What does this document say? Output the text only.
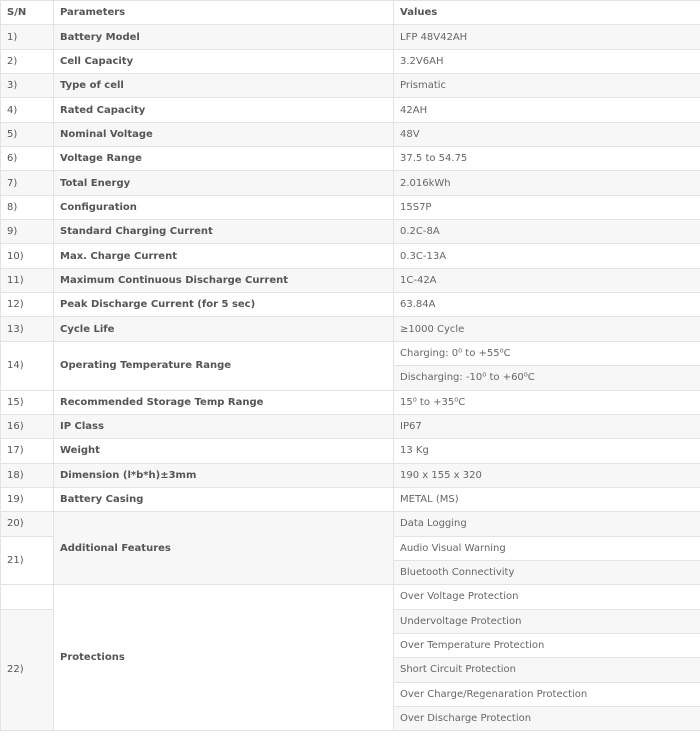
S/N	Parameters	Values
1)	Battery Model	LFP 48V42AH
2)	Cell Capacity	3.2V6AH
3)	Type of cell	Prismatic
4)	Rated Capacity	42AH
5)	Nominal Voltage	48V
6)	Voltage Range	37.5 to 54.75
7)	Total Energy	2.016kWh
8)	Configuration	15S7P
9)	Standard Charging Current	0.2C-8A
10)	Max. Charge Current	0.3C-13A
11)	Maximum Continuous Discharge Current	1C-42A
12)	Peak Discharge Current (for 5 sec)	63.84A
13)	Cycle Life	≥1000 Cycle
14)	Operating Temperature Range	Charging: 0⁰ to +55⁰C
		Discharging: -10⁰ to +60⁰C
15)	Recommended Storage Temp Range	15⁰ to +35⁰C
16)	IP Class	IP67
17)	Weight	13 Kg
18)	Dimension (l*b*h)±3mm	190 x 155 x 320
19)	Battery Casing	METAL (MS)
20)	Additional Features	Data Logging
21)		Audio Visual Warning
		Bluetooth Connectivity
	Protections	Over Voltage Protection
22)		Undervoltage Protection
		Over Temperature Protection
		Short Circuit Protection
		Over Charge/Regenaration Protection
		Over Discharge Protection
